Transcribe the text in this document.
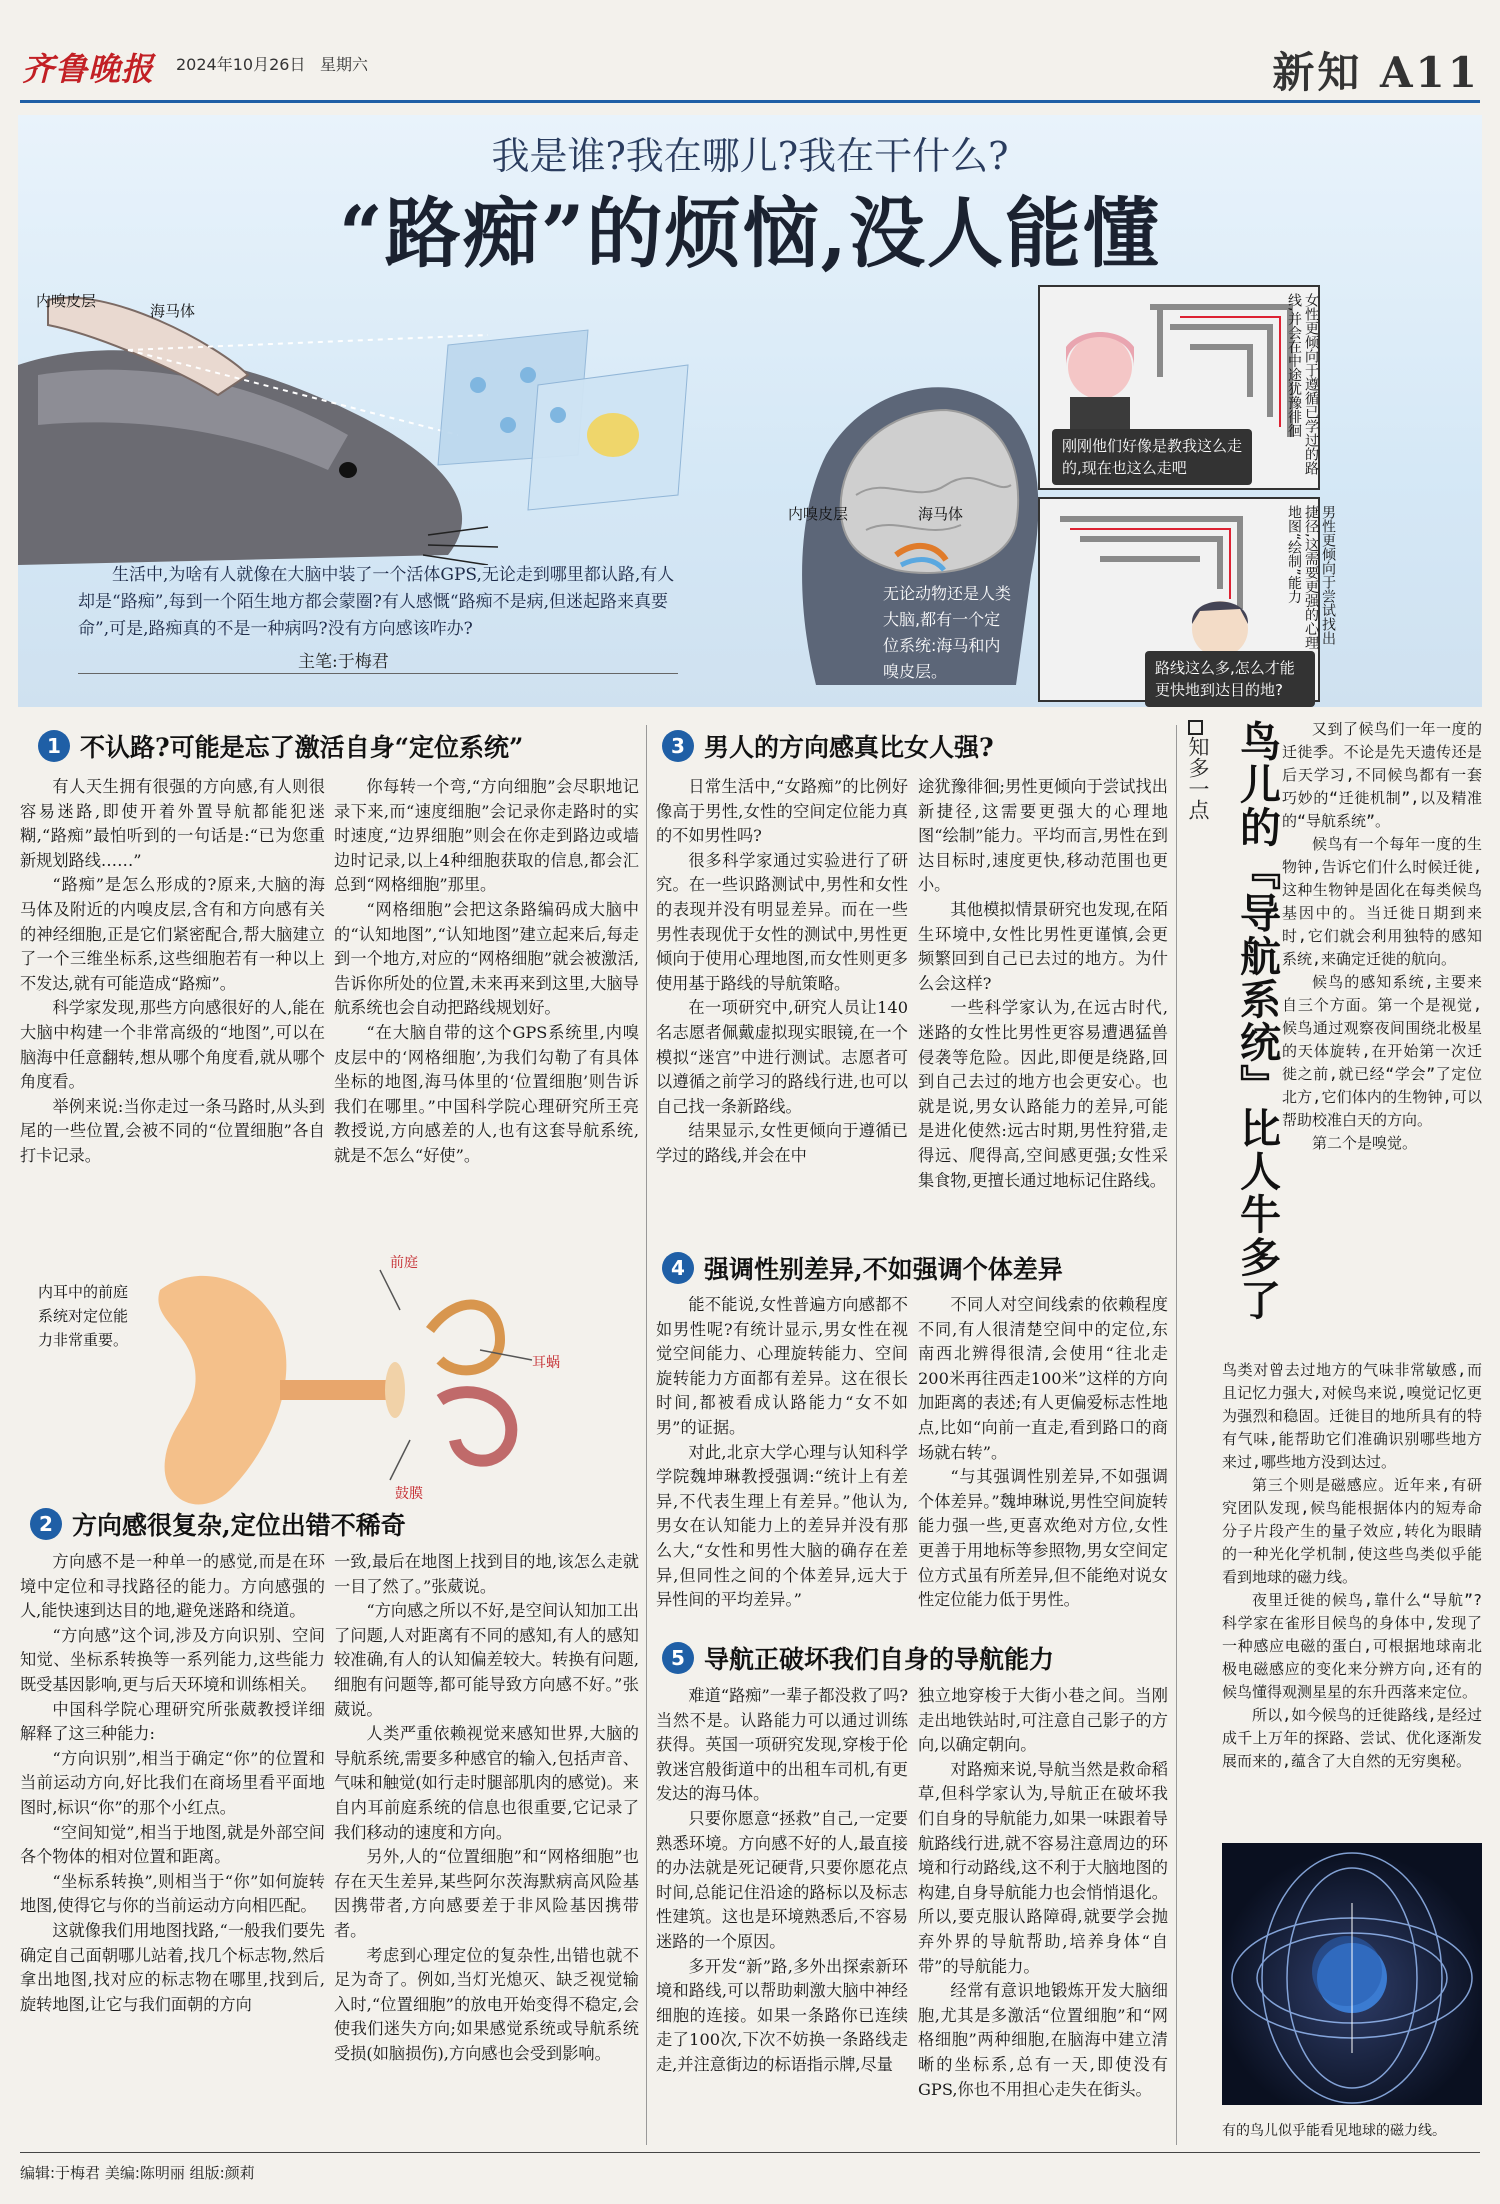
齐鲁晚报 2024年10月26日 星期六	新知 A11
我是谁?我在哪儿?我在干什么?
“路痴”的烦恼,没人能懂
内嗅皮层
海马体
内嗅皮层	海马体
无论动物还是人类大脑,都有一个定位系统:海马和内嗅皮层。
刚刚他们好像是教我这么走的,现在也这么走吧	女性更倾向于遵循已学过的路线,并会在中途犹豫徘徊
路线这么多,怎么才能更快地到达目的地?
男性更倾向于尝试找出捷径,这需要更强的心理地图“绘制”能力
生活中,为啥有人就像在大脑中装了一个活体GPS,无论走到哪里都认路,有人却是“路痴”,每到一个陌生地方都会蒙圈?有人感慨“路痴不是病,但迷起路来真要命”,可是,路痴真的不是一种病吗?没有方向感该咋办?
主笔:于梅君
1 不认路?可能是忘了激活自身“定位系统”

有人天生拥有很强的方向感,有人则很容易迷路,即使开着外置导航都能犯迷糊,“路痴”最怕听到的一句话是:“已为您重新规划路线……”

“路痴”是怎么形成的?原来,大脑的海马体及附近的内嗅皮层,含有和方向感有关的神经细胞,正是它们紧密配合,帮大脑建立了一个三维坐标系,这些细胞若有一种以上不发达,就有可能造成“路痴”。

科学家发现,那些方向感很好的人,能在大脑中构建一个非常高级的“地图”,可以在脑海中任意翻转,想从哪个角度看,就从哪个角度看。

举例来说:当你走过一条马路时,从头到尾的一些位置,会被不同的“位置细胞”各自打卡记录。

你每转一个弯,“方向细胞”会尽职地记录下来,而“速度细胞”会记录你走路时的实时速度,“边界细胞”则会在你走到路边或墙边时记录,以上4种细胞获取的信息,都会汇总到“网格细胞”那里。

“网格细胞”会把这条路编码成大脑中的“认知地图”,“认知地图”建立起来后,每走到一个地方,对应的“网格细胞”就会被激活,告诉你所处的位置,未来再来到这里,大脑导航系统也会自动把路线规划好。

“在大脑自带的这个GPS系统里,内嗅皮层中的‘网格细胞’,为我们勾勒了有具体坐标的地图,海马体里的‘位置细胞’则告诉我们在哪里。”中国科学院心理研究所王亮教授说,方向感差的人,也有这套导航系统,就是不怎么“好使”。

内耳中的前庭系统对定位能力非常重要。
前庭
耳蜗
鼓膜
2 方向感很复杂,定位出错不稀奇

方向感不是一种单一的感觉,而是在环境中定位和寻找路径的能力。方向感强的人,能快速到达目的地,避免迷路和绕道。

“方向感”这个词,涉及方向识别、空间知觉、坐标系转换等一系列能力,这些能力既受基因影响,更与后天环境和训练相关。

中国科学院心理研究所张葳教授详细解释了这三种能力:

“方向识别”,相当于确定“你”的位置和当前运动方向,好比我们在商场里看平面地图时,标识“你”的那个小红点。

“空间知觉”,相当于地图,就是外部空间各个物体的相对位置和距离。

“坐标系转换”,则相当于“你”如何旋转地图,使得它与你的当前运动方向相匹配。

这就像我们用地图找路,“一般我们要先确定自己面朝哪儿站着,找几个标志物,然后拿出地图,找对应的标志物在哪里,找到后,旋转地图,让它与我们面朝的方向

一致,最后在地图上找到目的地,该怎么走就一目了然了。”张葳说。

“方向感之所以不好,是空间认知加工出了问题,人对距离有不同的感知,有人的感知较准确,有人的认知偏差较大。转换有问题,细胞有问题等,都可能导致方向感不好。”张葳说。

人类严重依赖视觉来感知世界,大脑的导航系统,需要多种感官的输入,包括声音、气味和触觉(如行走时腿部肌肉的感觉)。来自内耳前庭系统的信息也很重要,它记录了我们移动的速度和方向。

另外,人的“位置细胞”和“网格细胞”也存在天生差异,某些阿尔茨海默病高风险基因携带者,方向感要差于非风险基因携带者。

考虑到心理定位的复杂性,出错也就不足为奇了。例如,当灯光熄灭、缺乏视觉输入时,“位置细胞”的放电开始变得不稳定,会使我们迷失方向;如果感觉系统或导航系统受损(如脑损伤),方向感也会受到影响。

3 男人的方向感真比女人强?

日常生活中,“女路痴”的比例好像高于男性,女性的空间定位能力真的不如男性吗?

很多科学家通过实验进行了研究。在一些识路测试中,男性和女性的表现并没有明显差异。而在一些男性表现优于女性的测试中,男性更倾向于使用心理地图,而女性则更多使用基于路线的导航策略。

在一项研究中,研究人员让140名志愿者佩戴虚拟现实眼镜,在一个模拟“迷宫”中进行测试。志愿者可以遵循之前学习的路线行进,也可以自己找一条新路线。

结果显示,女性更倾向于遵循已学过的路线,并会在中

途犹豫徘徊;男性更倾向于尝试找出新捷径,这需要更强大的心理地图“绘制”能力。平均而言,男性在到达目标时,速度更快,移动范围也更小。

其他模拟情景研究也发现,在陌生环境中,女性比男性更谨慎,会更频繁回到自己已去过的地方。为什么会这样?

一些科学家认为,在远古时代,迷路的女性比男性更容易遭遇猛兽侵袭等危险。因此,即便是绕路,回到自己去过的地方也会更安心。也就是说,男女认路能力的差异,可能是进化使然:远古时期,男性狩猎,走得远、爬得高,空间感更强;女性采集食物,更擅长通过地标记住路线。

4 强调性别差异,不如强调个体差异

能不能说,女性普遍方向感都不如男性呢?有统计显示,男女性在视觉空间能力、心理旋转能力、空间旋转能力方面都有差异。这在很长时间,都被看成认路能力“女不如男”的证据。

对此,北京大学心理与认知科学学院魏坤琳教授强调:“统计上有差异,不代表生理上有差异。”他认为,男女在认知能力上的差异并没有那么大,“女性和男性大脑的确存在差异,但同性之间的个体差异,远大于异性间的平均差异。”

不同人对空间线索的依赖程度不同,有人很清楚空间中的定位,东南西北辨得很清,会使用“往北走200米再往西走100米”这样的方向加距离的表述;有人更偏爱标志性地点,比如“向前一直走,看到路口的商场就右转”。

“与其强调性别差异,不如强调个体差异。”魏坤琳说,男性空间旋转能力强一些,更喜欢绝对方位,女性更善于用地标等参照物,男女空间定位方式虽有所差异,但不能绝对说女性定位能力低于男性。

5 导航正破坏我们自身的导航能力

难道“路痴”一辈子都没救了吗?当然不是。认路能力可以通过训练获得。英国一项研究发现,穿梭于伦敦迷宫般街道中的出租车司机,有更发达的海马体。

只要你愿意“拯救”自己,一定要熟悉环境。方向感不好的人,最直接的办法就是死记硬背,只要你愿花点时间,总能记住沿途的路标以及标志性建筑。这也是环境熟悉后,不容易迷路的一个原因。

多开发“新”路,多外出探索新环境和路线,可以帮助刺激大脑中神经细胞的连接。如果一条路你已连续走了100次,下次不妨换一条路线走走,并注意街边的标语指示牌,尽量

独立地穿梭于大街小巷之间。当刚走出地铁站时,可注意自己影子的方向,以确定朝向。

对路痴来说,导航当然是救命稻草,但科学家认为,导航正在破坏我们自身的导航能力,如果一味跟着导航路线行进,就不容易注意周边的环境和行动路线,这不利于大脑地图的构建,自身导航能力也会悄悄退化。所以,要克服认路障碍,就要学会抛弃外界的导航帮助,培养身体“自带”的导航能力。

经常有意识地锻炼开发大脑细胞,尤其是多激活“位置细胞”和“网格细胞”两种细胞,在脑海中建立清晰的坐标系,总有一天,即使没有GPS,你也不用担心走失在街头。

知多一点 鸟儿的『导航系统』比人牛多了	又到了候鸟们一年一度的迁徙季。不论是先天遗传还是后天学习,不同候鸟都有一套巧妙的“迁徙机制”,以及精准的“导航系统”。

候鸟有一个每年一度的生物钟,告诉它们什么时候迁徙,这种生物钟是固化在每类候鸟基因中的。当迁徙日期到来时,它们就会利用独特的感知系统,来确定迁徙的航向。

候鸟的感知系统,主要来自三个方面。第一个是视觉,候鸟通过观察夜间围绕北极星的天体旋转,在开始第一次迁徙之前,就已经“学会”了定位北方,它们体内的生物钟,可以帮助校准白天的方向。

第二个是嗅觉。

鸟类对曾去过地方的气味非常敏感,而且记忆力强大,对候鸟来说,嗅觉记忆更为强烈和稳固。迁徙目的地所具有的特有气味,能帮助它们准确识别哪些地方来过,哪些地方没到达过。

第三个则是磁感应。近年来,有研究团队发现,候鸟能根据体内的短寿命分子片段产生的量子效应,转化为眼睛的一种光化学机制,使这些鸟类似乎能看到地球的磁力线。

夜里迁徙的候鸟,靠什么“导航”?科学家在雀形目候鸟的身体中,发现了一种感应电磁的蛋白,可根据地球南北极电磁感应的变化来分辨方向,还有的候鸟懂得观测星星的东升西落来定位。

所以,如今候鸟的迁徙路线,是经过成千上万年的探路、尝试、优化逐渐发展而来的,蕴含了大自然的无穷奥秘。

有的鸟儿似乎能看见地球的磁力线。
编辑:于梅君 美编:陈明丽 组版:颜莉
